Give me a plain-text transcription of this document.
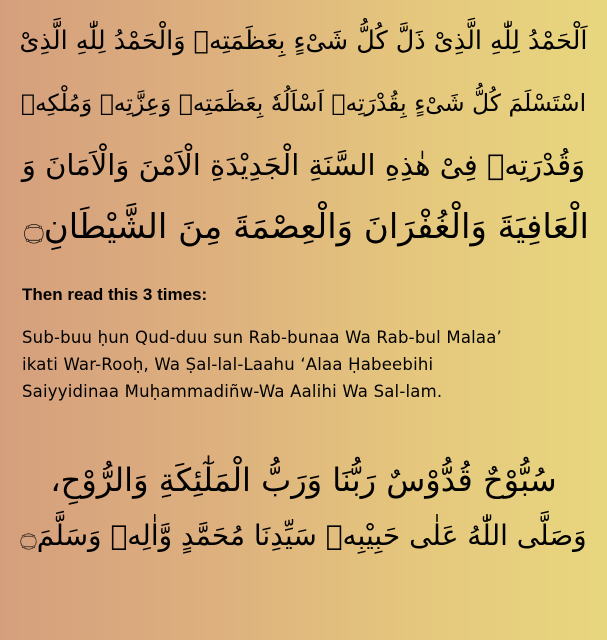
اَلْحَمْدُ لِلّٰهِ الَّذِىْ ذَلَّ كُلُّ شَىْءٍ بِعَظَمَتِهٖ وَالْحَمْدُ لِلّٰهِ الَّذِىْ
اسْتَسْلَمَ كُلُّ شَىْءٍ بِقُدْرَتِهٖ اَسْاَلُهٗ بِعَظَمَتِهٖ وَعِزَّتِهٖ وَمُلْكِهٖ
وَقُدْرَتِهٖ فِىْ هٰذِهِ السَّنَةِ الْجَدِيْدَةِ الْاَمْنَ وَالْاَمَانَ وَ
الْعَافِيَةَ وَالْغُفْرَانَ وَالْعِصْمَةَ مِنَ الشَّيْطَانِ۝
Then read this 3 times:
Sub-buu ḥun Qud-duu sun Rab-bunaa Wa Rab-bul Malaa’
ikati War-Rooḥ, Wa Ṣal-lal-Laahu ‘Alaa Ḥabeebihi
Saiyyidinaa Muḥammadiñw-Wa Aalihi Wa Sal-lam.
سُبُّوْحٌ قُدُّوْسٌ رَبُّنَا وَرَبُّ الْمَلٰٓئِكَةِ وَالرُّوْحِ،
وَصَلَّى اللّٰهُ عَلٰى حَبِيْبِهٖ سَيِّدِنَا مُحَمَّدٍ وَّاٰلِهٖ وَسَلَّمَ۝
